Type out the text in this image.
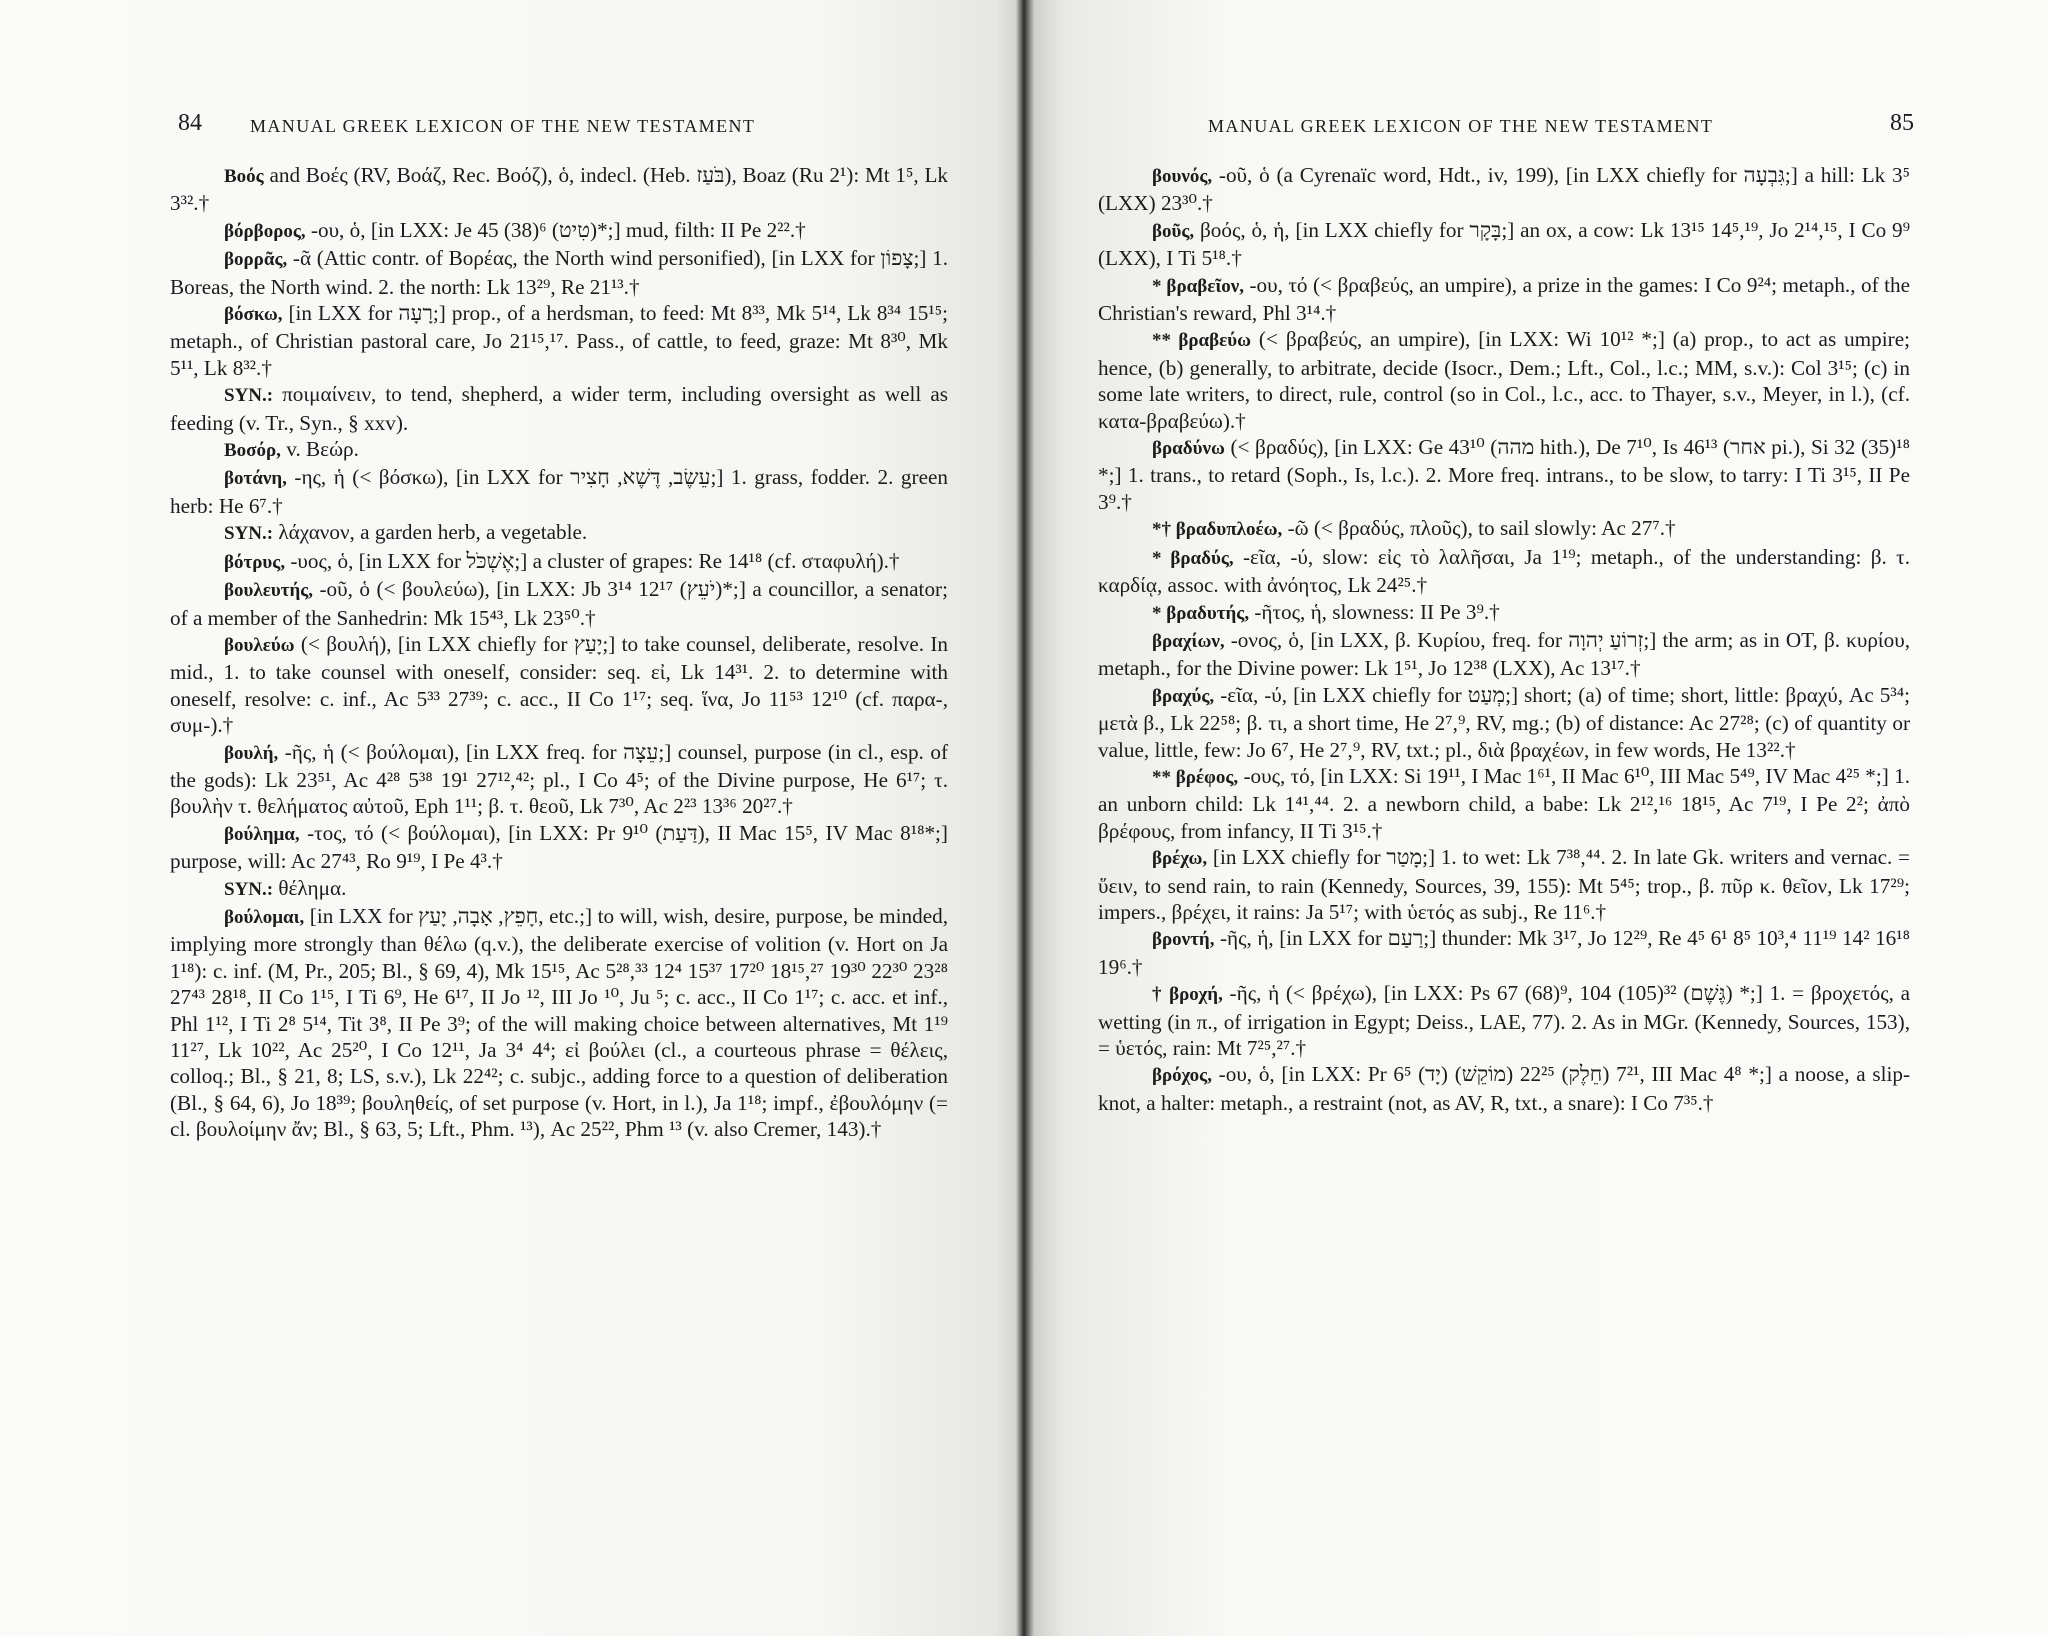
84	MANUAL GREEK LEXICON OF THE NEW TESTAMENT

Βοός and Βοές (RV, Βοάζ, Rec. Βοόζ), ὁ, indecl. (Heb. בֹּעַז), Boaz (Ru 2¹): Mt 1⁵, Lk 3³².†

βόρβορος, -ου, ὁ, [in LXX: Je 45 (38)⁶ (טִיט)*;] mud, filth: II Pe 2²².†

βορρᾶς, -ᾶ (Attic contr. of Βορέας, the North wind personified), [in LXX for צָפוֹן;] 1. Boreas, the North wind. 2. the north: Lk 13²⁹, Re 21¹³.†

βόσκω, [in LXX for רָעָה;] prop., of a herdsman, to feed: Mt 8³³, Mk 5¹⁴, Lk 8³⁴ 15¹⁵; metaph., of Christian pastoral care, Jo 21¹⁵,¹⁷. Pass., of cattle, to feed, graze: Mt 8³⁰, Mk 5¹¹, Lk 8³².†

SYN.: ποιμαίνειν, to tend, shepherd, a wider term, including oversight as well as feeding (v. Tr., Syn., § xxv).

Βοσόρ, v. Βεώρ.

βοτάνη, -ης, ἡ (< βόσκω), [in LXX for עֵשֶׂב, דֶּשֶׁא, חָצִיר;] 1. grass, fodder. 2. green herb: He 6⁷.†

SYN.: λάχανον, a garden herb, a vegetable.

βότρυς, -υος, ὁ, [in LXX for אֶשְׁכֹּל;] a cluster of grapes: Re 14¹⁸ (cf. σταφυλή).†

βουλευτής, -οῦ, ὁ (< βουλεύω), [in LXX: Jb 3¹⁴ 12¹⁷ (יֹעֵץ)*;] a councillor, a senator; of a member of the Sanhedrin: Mk 15⁴³, Lk 23⁵⁰.†

βουλεύω (< βουλή), [in LXX chiefly for יָעַץ;] to take counsel, deliberate, resolve. In mid., 1. to take counsel with oneself, consider: seq. εἰ, Lk 14³¹. 2. to determine with oneself, resolve: c. inf., Ac 5³³ 27³⁹; c. acc., II Co 1¹⁷; seq. ἵνα, Jo 11⁵³ 12¹⁰ (cf. παρα-, συμ-).†

βουλή, -ῆς, ἡ (< βούλομαι), [in LXX freq. for עֵצָה;] counsel, purpose (in cl., esp. of the gods): Lk 23⁵¹, Ac 4²⁸ 5³⁸ 19¹ 27¹²,⁴²; pl., I Co 4⁵; of the Divine purpose, He 6¹⁷; τ. βουλὴν τ. θελήματος αὐτοῦ, Eph 1¹¹; β. τ. θεοῦ, Lk 7³⁰, Ac 2²³ 13³⁶ 20²⁷.†

βούλημα, -τος, τό (< βούλομαι), [in LXX: Pr 9¹⁰ (דַּעַת), II Mac 15⁵, IV Mac 8¹⁸*;] purpose, will: Ac 27⁴³, Ro 9¹⁹, I Pe 4³.†

SYN.: θέλημα.

βούλομαι, [in LXX for חָפֵץ, אָבָה, יָעַץ, etc.;] to will, wish, desire, purpose, be minded, implying more strongly than θέλω (q.v.), the deliberate exercise of volition (v. Hort on Ja 1¹⁸): c. inf. (M, Pr., 205; Bl., § 69, 4), Mk 15¹⁵, Ac 5²⁸,³³ 12⁴ 15³⁷ 17²⁰ 18¹⁵,²⁷ 19³⁰ 22³⁰ 23²⁸ 27⁴³ 28¹⁸, II Co 1¹⁵, I Ti 6⁹, He 6¹⁷, II Jo ¹², III Jo ¹⁰, Ju ⁵; c. acc., II Co 1¹⁷; c. acc. et inf., Phl 1¹², I Ti 2⁸ 5¹⁴, Tit 3⁸, II Pe 3⁹; of the will making choice between alternatives, Mt 1¹⁹ 11²⁷, Lk 10²², Ac 25²⁰, I Co 12¹¹, Ja 3⁴ 4⁴; εἰ βούλει (cl., a courteous phrase = θέλεις, colloq.; Bl., § 21, 8; LS, s.v.), Lk 22⁴²; c. subjc., adding force to a question of deliberation (Bl., § 64, 6), Jo 18³⁹; βουληθείς, of set purpose (v. Hort, in l.), Ja 1¹⁸; impf., ἐβουλόμην (= cl. βουλοίμην ἄν; Bl., § 63, 5; Lft., Phm. ¹³), Ac 25²², Phm ¹³ (v. also Cremer, 143).†

MANUAL GREEK LEXICON OF THE NEW TESTAMENT	85

βουνός, -οῦ, ὁ (a Cyrenaïc word, Hdt., iv, 199), [in LXX chiefly for גִּבְעָה;] a hill: Lk 3⁵ (LXX) 23³⁰.†

βοῦς, βοός, ὁ, ἡ, [in LXX chiefly for בָּקָר;] an ox, a cow: Lk 13¹⁵ 14⁵,¹⁹, Jo 2¹⁴,¹⁵, I Co 9⁹ (LXX), I Ti 5¹⁸.†

* βραβεῖον, -ου, τό (< βραβεύς, an umpire), a prize in the games: I Co 9²⁴; metaph., of the Christian's reward, Phl 3¹⁴.†

** βραβεύω (< βραβεύς, an umpire), [in LXX: Wi 10¹² *;] (a) prop., to act as umpire; hence, (b) generally, to arbitrate, decide (Isocr., Dem.; Lft., Col., l.c.; MM, s.v.): Col 3¹⁵; (c) in some late writers, to direct, rule, control (so in Col., l.c., acc. to Thayer, s.v., Meyer, in l.), (cf. κατα-βραβεύω).†

βραδύνω (< βραδύς), [in LXX: Ge 43¹⁰ (מהה hith.), De 7¹⁰, Is 46¹³ (אחר pi.), Si 32 (35)¹⁸ *;] 1. trans., to retard (Soph., Is, l.c.). 2. More freq. intrans., to be slow, to tarry: I Ti 3¹⁵, II Pe 3⁹.†

*† βραδυπλοέω, -ῶ (< βραδύς, πλοῦς), to sail slowly: Ac 27⁷.†

* βραδύς, -εῖα, -ύ, slow: εἰς τὸ λαλῆσαι, Ja 1¹⁹; metaph., of the understanding: β. τ. καρδίᾳ, assoc. with ἀνόητος, Lk 24²⁵.†

* βραδυτής, -ῆτος, ἡ, slowness: II Pe 3⁹.†

βραχίων, -ονος, ὁ, [in LXX, β. Κυρίου, freq. for זְרוֹעַ יְהוָה;] the arm; as in OT, β. κυρίου, metaph., for the Divine power: Lk 1⁵¹, Jo 12³⁸ (LXX), Ac 13¹⁷.†

βραχύς, -εῖα, -ύ, [in LXX chiefly for מְעַט;] short; (a) of time; short, little: βραχύ, Ac 5³⁴; μετὰ β., Lk 22⁵⁸; β. τι, a short time, He 2⁷,⁹, RV, mg.; (b) of distance: Ac 27²⁸; (c) of quantity or value, little, few: Jo 6⁷, He 2⁷,⁹, RV, txt.; pl., διὰ βραχέων, in few words, He 13²².†

** βρέφος, -ους, τό, [in LXX: Si 19¹¹, I Mac 1⁶¹, II Mac 6¹⁰, III Mac 5⁴⁹, IV Mac 4²⁵ *;] 1. an unborn child: Lk 1⁴¹,⁴⁴. 2. a newborn child, a babe: Lk 2¹²,¹⁶ 18¹⁵, Ac 7¹⁹, I Pe 2²; ἀπὸ βρέφους, from infancy, II Ti 3¹⁵.†

βρέχω, [in LXX chiefly for מָטַר;] 1. to wet: Lk 7³⁸,⁴⁴. 2. In late Gk. writers and vernac. = ὕειν, to send rain, to rain (Kennedy, Sources, 39, 155): Mt 5⁴⁵; trop., β. πῦρ κ. θεῖον, Lk 17²⁹; impers., βρέχει, it rains: Ja 5¹⁷; with ὑετός as subj., Re 11⁶.†

βροντή, -ῆς, ἡ, [in LXX for רַעַם;] thunder: Mk 3¹⁷, Jo 12²⁹, Re 4⁵ 6¹ 8⁵ 10³,⁴ 11¹⁹ 14² 16¹⁸ 19⁶.†

† βροχή, -ῆς, ἡ (< βρέχω), [in LXX: Ps 67 (68)⁹, 104 (105)³² (גֶּשֶׁם) *;] 1. = βροχετός, a wetting (in π., of irrigation in Egypt; Deiss., LAE, 77). 2. As in MGr. (Kennedy, Sources, 153), = ὑετός, rain: Mt 7²⁵,²⁷.†

βρόχος, -ου, ὁ, [in LXX: Pr 6⁵ (יָד) 7²¹ (חֵלֶק) 22²⁵ (מוֹקֵשׁ), III Mac 4⁸ *;] a noose, a slip-knot, a halter: metaph., a restraint (not, as AV, R, txt., a snare): I Co 7³⁵.†
